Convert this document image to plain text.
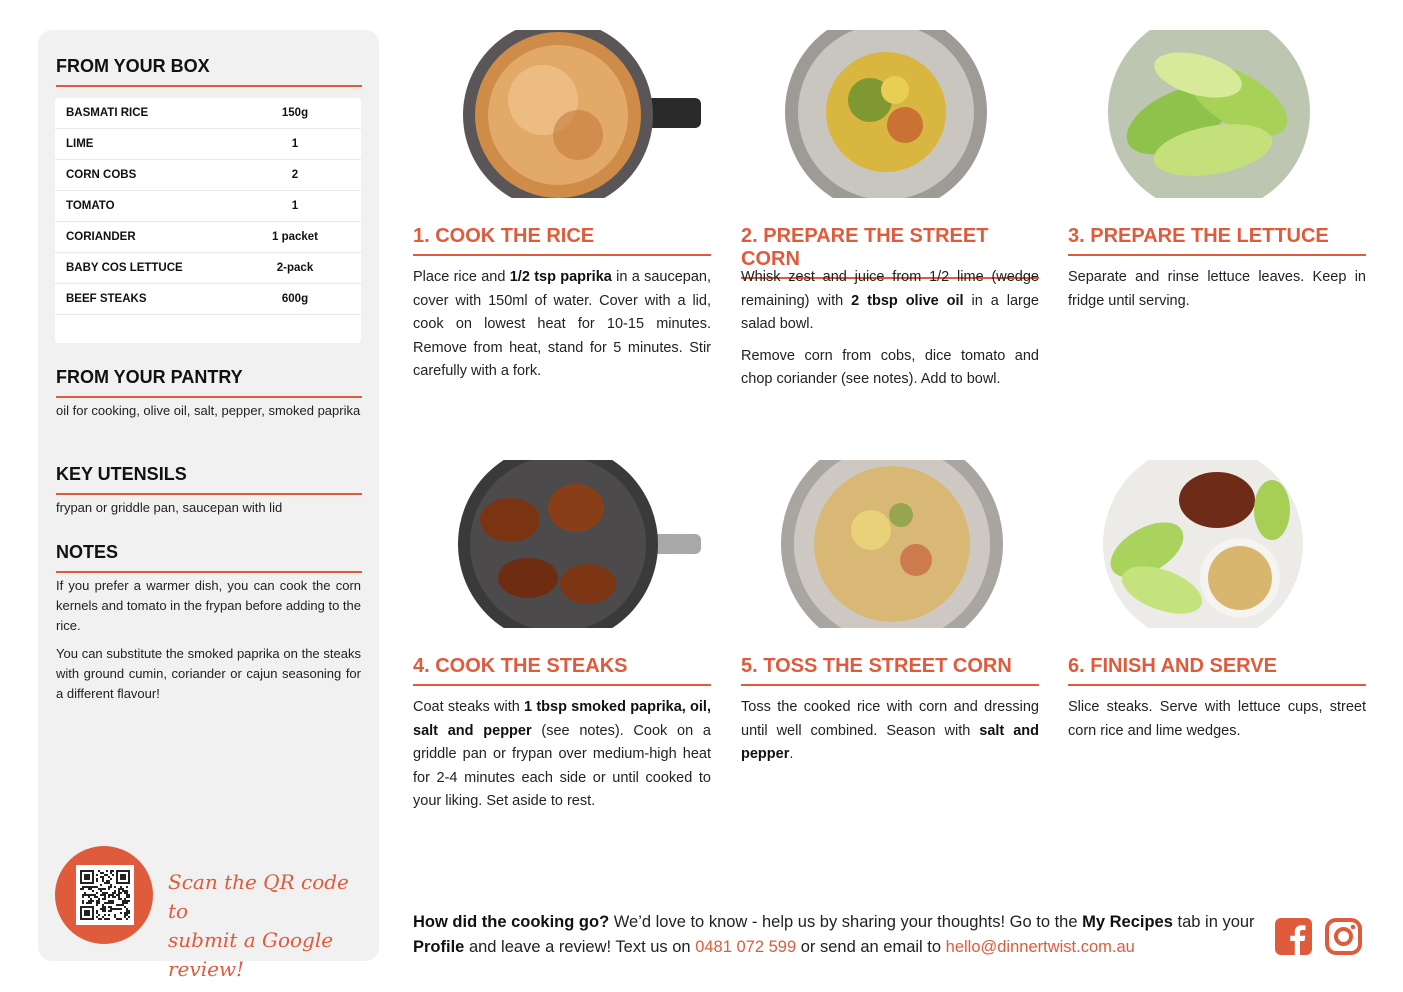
FROM YOUR BOX
BASMATI RICE	150g
LIME	1
CORN COBS	2
TOMATO	1
CORIANDER	1 packet
BABY COS LETTUCE	2-pack
BEEF STEAKS	600g
FROM YOUR PANTRY
oil for cooking, olive oil, salt, pepper, smoked paprika
KEY UTENSILS
frypan or griddle pan, saucepan with lid
NOTES

If you prefer a warmer dish, you can cook the corn kernels and tomato in the frypan before adding to the rice.

You can substitute the smoked paprika on the steaks with ground cumin, coriander or cajun seasoning for a different flavour!

Scan the QR code to
submit a Google review!
1. COOK THE RICE

Place rice and 1/2 tsp paprika in a saucepan, cover with 150ml of water. Cover with a lid, cook on lowest heat for 10-15 minutes. Remove from heat, stand for 5 minutes. Stir carefully with a fork.

2. PREPARE THE STREET CORN

Whisk zest and juice from 1/2 lime (wedge remaining) with 2 tbsp olive oil in a large salad bowl.

Remove corn from cobs, dice tomato and chop coriander (see notes). Add to bowl.

3. PREPARE THE LETTUCE

Separate and rinse lettuce leaves. Keep in fridge until serving.

4. COOK THE STEAKS

Coat steaks with 1 tbsp smoked paprika, oil, salt and pepper (see notes). Cook on a griddle pan or frypan over medium-high heat for 2-4 minutes each side or until cooked to your liking. Set aside to rest.

5. TOSS THE STREET CORN

Toss the cooked rice with corn and dressing until well combined. Season with salt and pepper.

6. FINISH AND SERVE

Slice steaks. Serve with lettuce cups, street corn rice and lime wedges.

How did the cooking go? We’d love to know - help us by sharing your thoughts! Go to the My Recipes tab in your Profile and leave a review! Text us on 0481 072 599 or send an email to hello@dinnertwist.com.au
